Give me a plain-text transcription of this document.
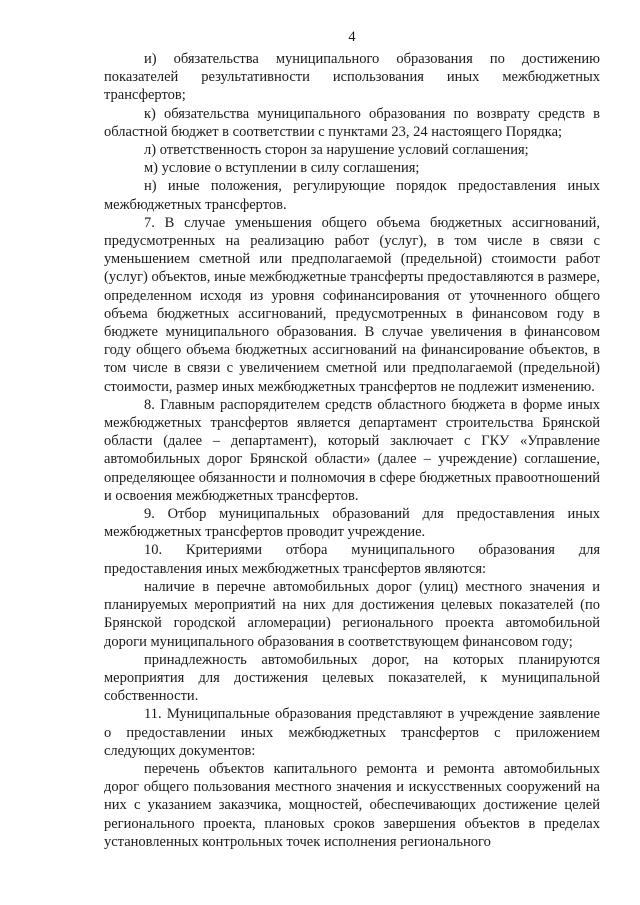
4

и) обязательства муниципального образования по достижению показателей результативности использования иных межбюджетных трансфертов;

к) обязательства муниципального образования по возврату средств в областной бюджет в соответствии с пунктами 23, 24 настоящего Порядка;

л) ответственность сторон за нарушение условий соглашения;

м) условие о вступлении в силу соглашения;

н) иные положения, регулирующие порядок предоставления иных межбюджетных трансфертов.

7. В случае уменьшения общего объема бюджетных ассигнований, предусмотренных на реализацию работ (услуг), в том числе в связи с уменьшением сметной или предполагаемой (предельной) стоимости работ (услуг) объектов, иные межбюджетные трансферты предоставляются в размере, определенном исходя из уровня софинансирования от уточненного общего объема бюджетных ассигнований, предусмотренных в финансовом году в бюджете муниципального образования. В случае увеличения в финансовом году общего объема бюджетных ассигнований на финансирование объектов, в том числе в связи с увеличением сметной или предполагаемой (предельной) стоимости, размер иных межбюджетных трансфертов не подлежит изменению.

8. Главным распорядителем средств областного бюджета в форме иных межбюджетных трансфертов является департамент строительства Брянской области (далее – департамент), который заключает с ГКУ «Управление автомобильных дорог Брянской области» (далее – учреждение) соглашение, определяющее обязанности и полномочия в сфере бюджетных правоотношений и освоения межбюджетных трансфертов.

9. Отбор муниципальных образований для предоставления иных межбюджетных трансфертов проводит учреждение.

10. Критериями отбора муниципального образования для предоставления иных межбюджетных трансфертов являются:

наличие в перечне автомобильных дорог (улиц) местного значения и планируемых мероприятий на них для достижения целевых показателей (по Брянской городской агломерации) регионального проекта автомобильной дороги муниципального образования в соответствующем финансовом году;

принадлежность автомобильных дорог, на которых планируются мероприятия для достижения целевых показателей, к муниципальной собственности.

11. Муниципальные образования представляют в учреждение заявление о предоставлении иных межбюджетных трансфертов с приложением следующих документов:

перечень объектов капитального ремонта и ремонта автомобильных дорог общего пользования местного значения и искусственных сооружений на них с указанием заказчика, мощностей, обеспечивающих достижение целей регионального проекта, плановых сроков завершения объектов в пределах установленных контрольных точек исполнения регионального
